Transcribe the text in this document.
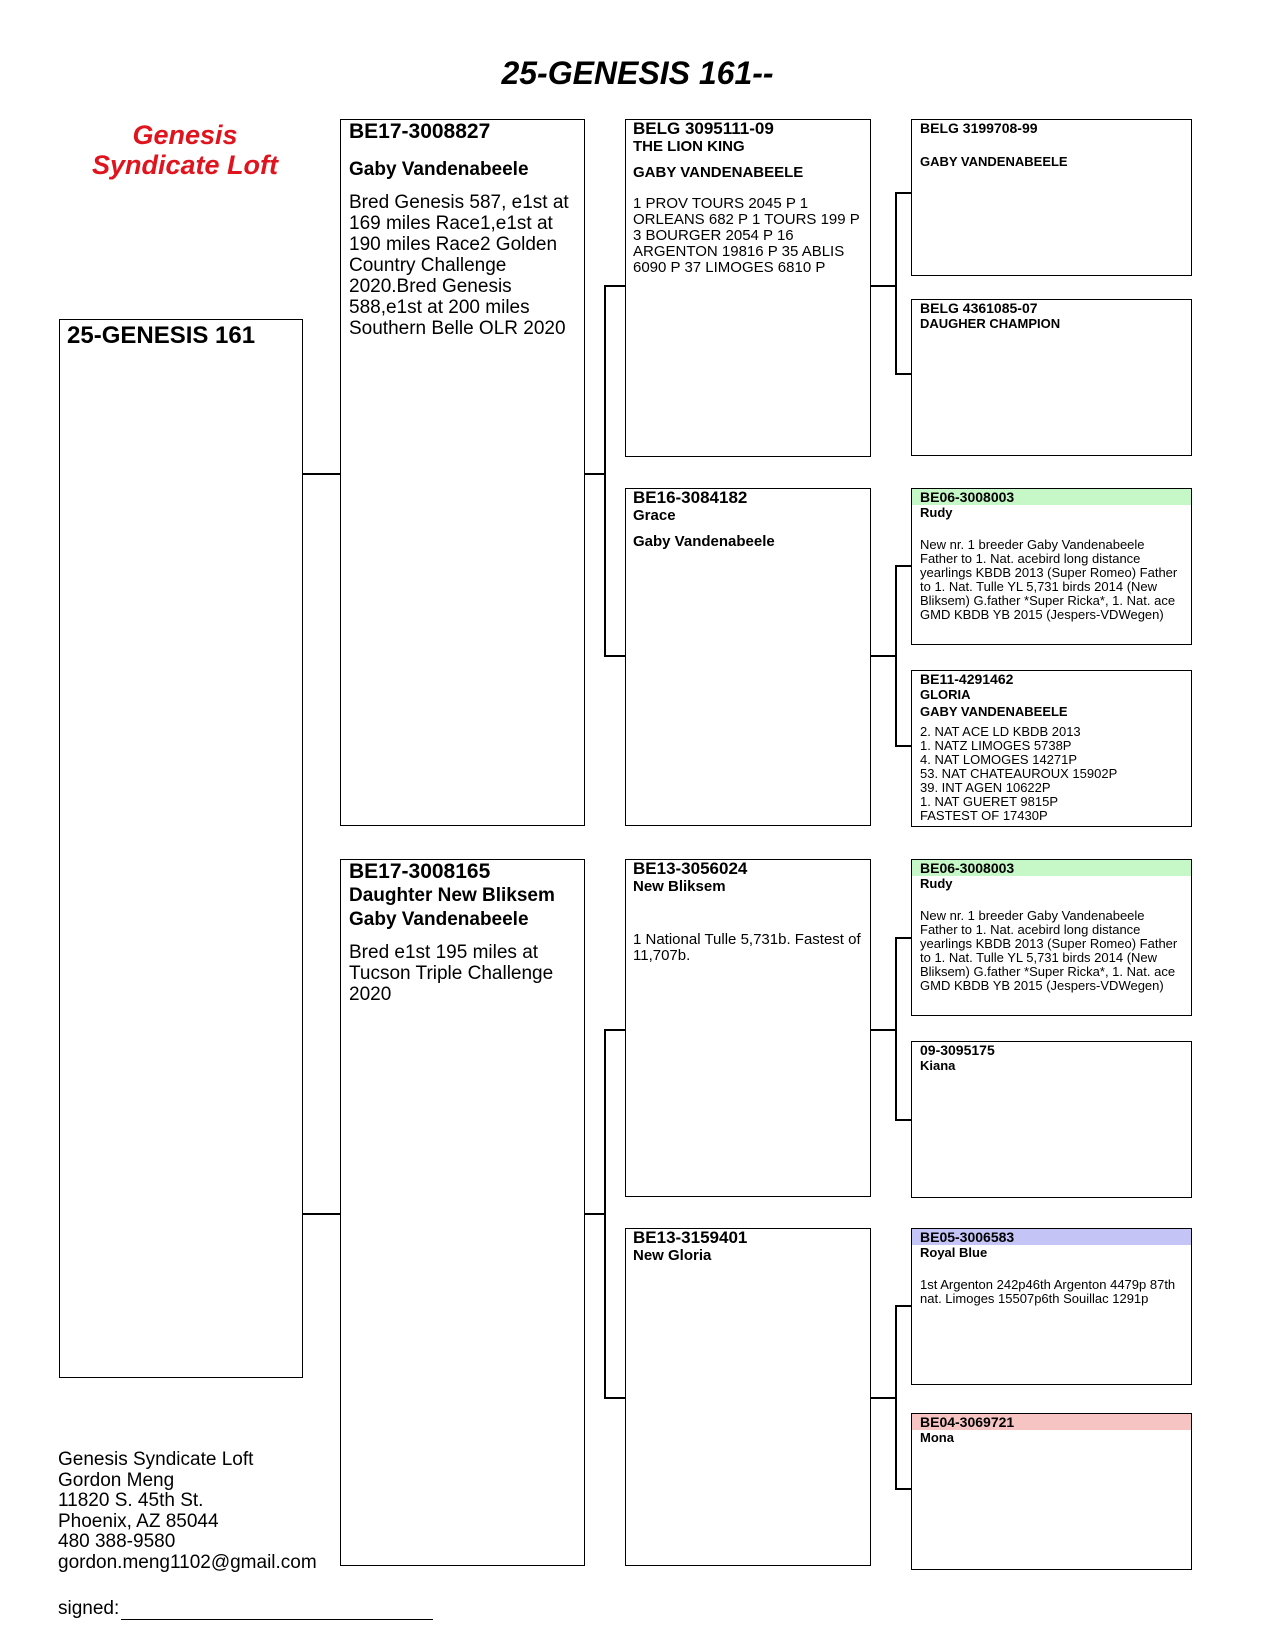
25-GENESIS 161--
Genesis
Syndicate Loft
25-GENESIS 161
BE17-3008827
Gaby Vandenabeele
Bred Genesis 587, e1st at 169 miles Race1,e1st at 190 miles Race2 Golden Country Challenge 2020.Bred Genesis 588,e1st at 200 miles Southern Belle OLR 2020
BE17-3008165
Daughter New Bliksem
Gaby Vandenabeele
Bred e1st 195 miles at Tucson Triple Challenge 2020
BELG 3095111-09
THE LION KING
GABY VANDENABEELE
1 PROV TOURS 2045 P 1 ORLEANS 682 P 1 TOURS 199 P 3 BOURGER 2054 P 16 ARGENTON 19816 P 35 ABLIS 6090 P 37 LIMOGES 6810 P
BE16-3084182
Grace
Gaby Vandenabeele
BE13-3056024
New Bliksem
1 National Tulle 5,731b. Fastest of 11,707b.
BE13-3159401
New Gloria
BELG 3199708-99
GABY VANDENABEELE
BELG 4361085-07
DAUGHER CHAMPION
BE06-3008003
Rudy
New nr. 1 breeder Gaby Vandenabeele Father to 1. Nat. acebird long distance yearlings KBDB 2013 (Super Romeo) Father to 1. Nat. Tulle YL 5,731 birds 2014 (New Bliksem) G.father *Super Ricka*, 1. Nat. ace GMD KBDB YB 2015 (Jespers-VDWegen)
BE11-4291462
GLORIA
GABY VANDENABEELE
2. NAT ACE LD KBDB 2013
1. NATZ LIMOGES 5738P
4. NAT LOMOGES 14271P
53. NAT CHATEAUROUX 15902P
39. INT AGEN 10622P
1. NAT GUERET 9815P
FASTEST OF 17430P
BE06-3008003
Rudy
New nr. 1 breeder Gaby Vandenabeele Father to 1. Nat. acebird long distance yearlings KBDB 2013 (Super Romeo) Father to 1. Nat. Tulle YL 5,731 birds 2014 (New Bliksem) G.father *Super Ricka*, 1. Nat. ace GMD KBDB YB 2015 (Jespers-VDWegen)
09-3095175
Kiana
BE05-3006583
Royal Blue
1st Argenton 242p46th Argenton 4479p 87th nat. Limoges 15507p6th Souillac 1291p
BE04-3069721
Mona
Genesis Syndicate Loft
Gordon Meng
11820 S. 45th St.
Phoenix, AZ 85044
480 388-9580
gordon.meng1102@gmail.com
signed:
